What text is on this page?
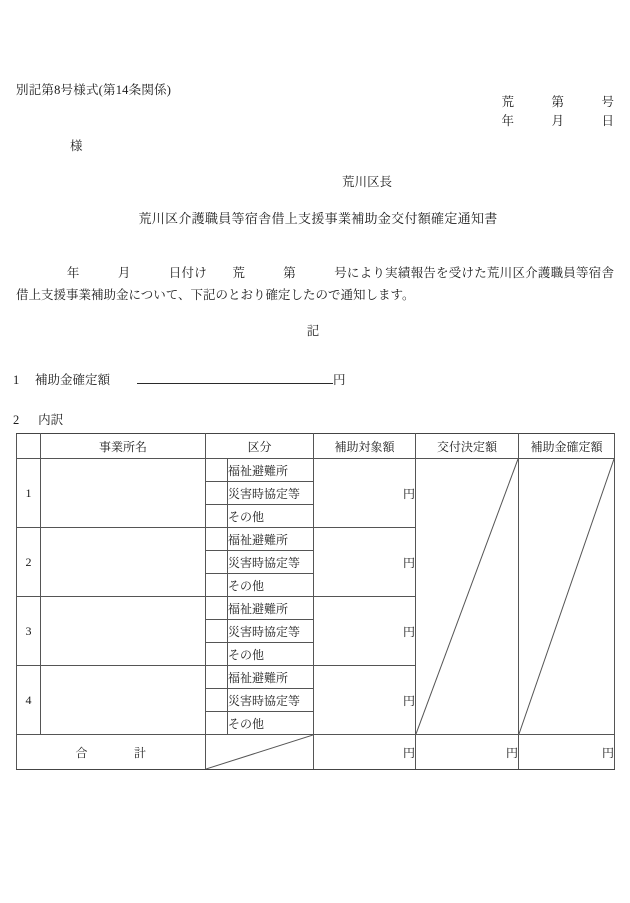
別記第8号様式(第14条関係)
荒　　　第　　　号
年　　　月　　　日
様
荒川区長
荒川区介護職員等宿舎借上支援事業補助金交付額確定通知書
　　　　年　　　月　　　日付け　　荒　　　第　　　号により実績報告を受けた荒川区介護職員等宿舎借上支援事業補助金について、下記のとおり確定したので通知します。
記
1	補助金確定額	円
2 内訳
	事業所名	区分		補助対象額	交付決定額	補助金確定額
1			福祉避難所	円	

			災害時協定等			
			その他			
2			福祉避難所	円		
			災害時協定等			
			その他			
3			福祉避難所	円		
			災害時協定等			
			その他			
4			福祉避難所	円		
			災害時協定等			
			その他			
合 計				円	円	円
